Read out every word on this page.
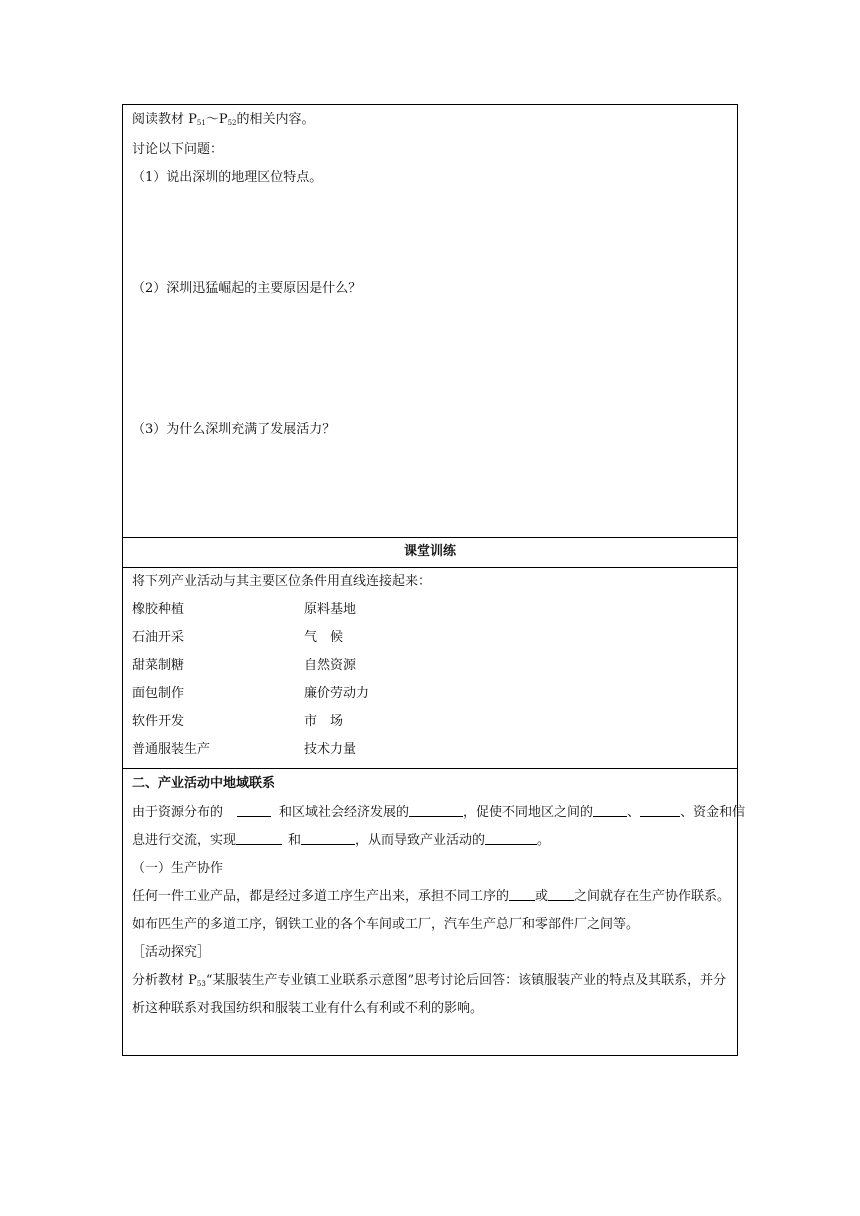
阅读教材 $P_{51}\sim P_{52}$的相关内容。
讨论以下问题：
（1）说出深圳的地理区位特点。
（2）深圳迅猛崛起的主要原因是什么？
（3）为什么深圳充满了发展活力？
课堂训练
将下列产业活动与其主要区位条件用直线连接起来：
橡胶种植	原料基地
石油开采	气　候
甜菜制糖	自然资源
面包制作	廉价劳动力
软件开发	市　场
普通服装生产	技术力量
二、产业活动中地域联系
由于资源分布的	和区域社会经济发展的	，促使不同地区之间的	、	、资金和信
息进行交流，实现	和	，从而导致产业活动的	。
（一）生产协作
任何一件工业产品，都是经过多道工序生产出来，承担不同工序的 或 之间就存在生产协作联系。
如布匹生产的多道工序，钢铁工业的各个车间或工厂，汽车生产总厂和零部件厂之间等。
［活动探究］
分析教材 $P_{53}“$某服装生产专业镇工业联系示意图”思考讨论后回答：该镇服装产业的特点及其联系，并分
析这种联系对我国纺织和服装工业有什么有利或不利的影响。
